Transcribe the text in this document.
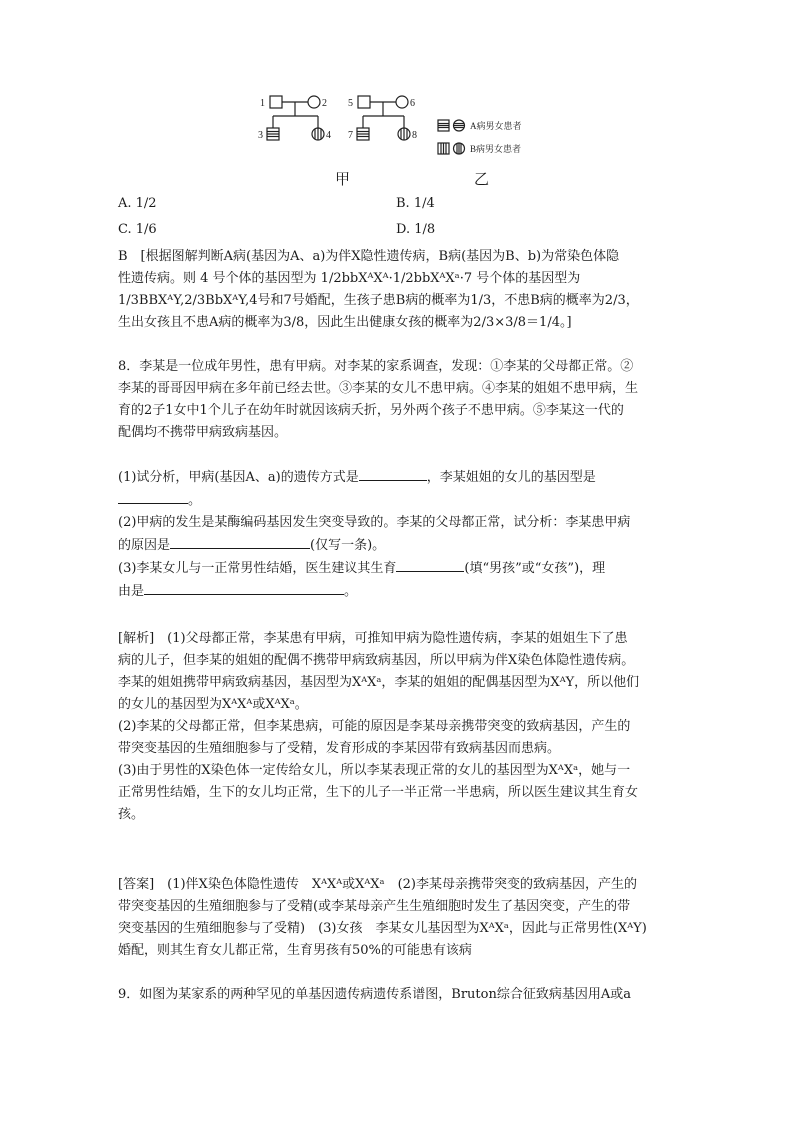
1	2
3	4
5	6
7	8
A病男女患者
B病男女患者
甲	乙
A. 1/2	B. 1/4
C. 1/6	D. 1/8

B　[根据图解判断A病(基因为A、a)为伴X隐性遗传病，B病(基因为B、b)为常染色体隐

性遗传病。则 4 号个体的基因型为 1/2bbXᴬXᴬ·1/2bbXᴬXᵃ·7 号个体的基因型为

1/3BBXᴬY,2/3BbXᴬY,4号和7号婚配，生孩子患B病的概率为1/3，不患B病的概率为2/3，

生出女孩且不患A病的概率为3/8，因此生出健康女孩的概率为2/3×3/8＝1/4。]

8．李某是一位成年男性，患有甲病。对李某的家系调查，发现：①李某的父母都正常。②

李某的哥哥因甲病在多年前已经去世。③李某的女儿不患甲病。④李某的姐姐不患甲病，生

育的2子1女中1个儿子在幼年时就因该病夭折，另外两个孩子不患甲病。⑤李某这一代的

配偶均不携带甲病致病基因。

(1)试分析，甲病(基因A、a)的遗传方式是	，李某姐姐的女儿的基因型是

。

(2)甲病的发生是某酶编码基因发生突变导致的。李某的父母都正常，试分析：李某患甲病

的原因是	(仅写一条)。

(3)李某女儿与一正常男性结婚，医生建议其生育	(填“男孩”或“女孩”)，理

由是	。

[解析]　(1)父母都正常，李某患有甲病，可推知甲病为隐性遗传病，李某的姐姐生下了患

病的儿子，但李某的姐姐的配偶不携带甲病致病基因，所以甲病为伴X染色体隐性遗传病。

李某的姐姐携带甲病致病基因，基因型为XᴬXᵃ，李某的姐姐的配偶基因型为XᴬY，所以他们

的女儿的基因型为XᴬXᴬ或XᴬXᵃ。

(2)李某的父母都正常，但李某患病，可能的原因是李某母亲携带突变的致病基因，产生的

带突变基因的生殖细胞参与了受精，发育形成的李某因带有致病基因而患病。

(3)由于男性的X染色体一定传给女儿，所以李某表现正常的女儿的基因型为XᴬXᵃ，她与一

正常男性结婚，生下的女儿均正常，生下的儿子一半正常一半患病，所以医生建议其生育女

孩。

[答案]　(1)伴X染色体隐性遗传　XᴬXᴬ或XᴬXᵃ　(2)李某母亲携带突变的致病基因，产生的

带突变基因的生殖细胞参与了受精(或李某母亲产生生殖细胞时发生了基因突变，产生的带

突变基因的生殖细胞参与了受精)　(3)女孩　李某女儿基因型为XᴬXᵃ，因此与正常男性(XᴬY)

婚配，则其生育女儿都正常，生育男孩有50%的可能患有该病

9．如图为某家系的两种罕见的单基因遗传病遗传系谱图，Bruton综合征致病基因用A或a
